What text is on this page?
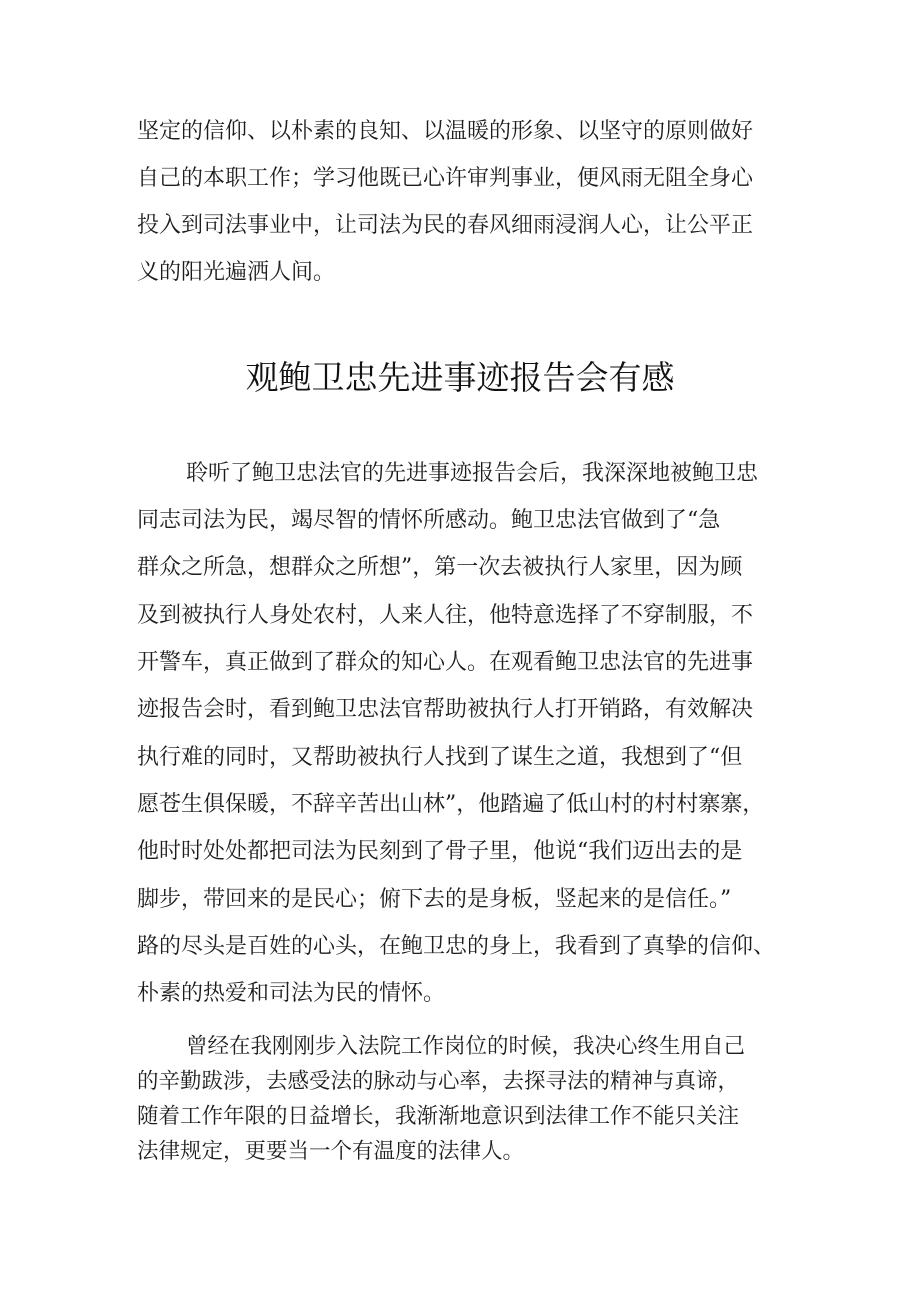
坚定的信仰、以朴素的良知、以温暖的形象、以坚守的原则做好
自己的本职工作；学习他既已心许审判事业，便风雨无阻全身心
投入到司法事业中，让司法为民的春风细雨浸润人心，让公平正
义的阳光遍洒人间。
观鲍卫忠先进事迹报告会有感
聆听了鲍卫忠法官的先进事迹报告会后，我深深地被鲍卫忠
同志司法为民，竭尽智的情怀所感动。鲍卫忠法官做到了“急
群众之所急，想群众之所想”，第一次去被执行人家里，因为顾
及到被执行人身处农村，人来人往，他特意选择了不穿制服，不
开警车，真正做到了群众的知心人。在观看鲍卫忠法官的先进事
迹报告会时，看到鲍卫忠法官帮助被执行人打开销路，有效解决
执行难的同时，又帮助被执行人找到了谋生之道，我想到了“但
愿苍生俱保暖，不辞辛苦出山林”，他踏遍了低山村的村村寨寨，
他时时处处都把司法为民刻到了骨子里，他说“我们迈出去的是
脚步，带回来的是民心；俯下去的是身板，竖起来的是信任。”
路的尽头是百姓的心头，在鲍卫忠的身上，我看到了真挚的信仰、
朴素的热爱和司法为民的情怀。
曾经在我刚刚步入法院工作岗位的时候，我决心终生用自己
的辛勤跋涉，去感受法的脉动与心率，去探寻法的精神与真谛，
随着工作年限的日益增长，我渐渐地意识到法律工作不能只关注
法律规定，更要当一个有温度的法律人。
